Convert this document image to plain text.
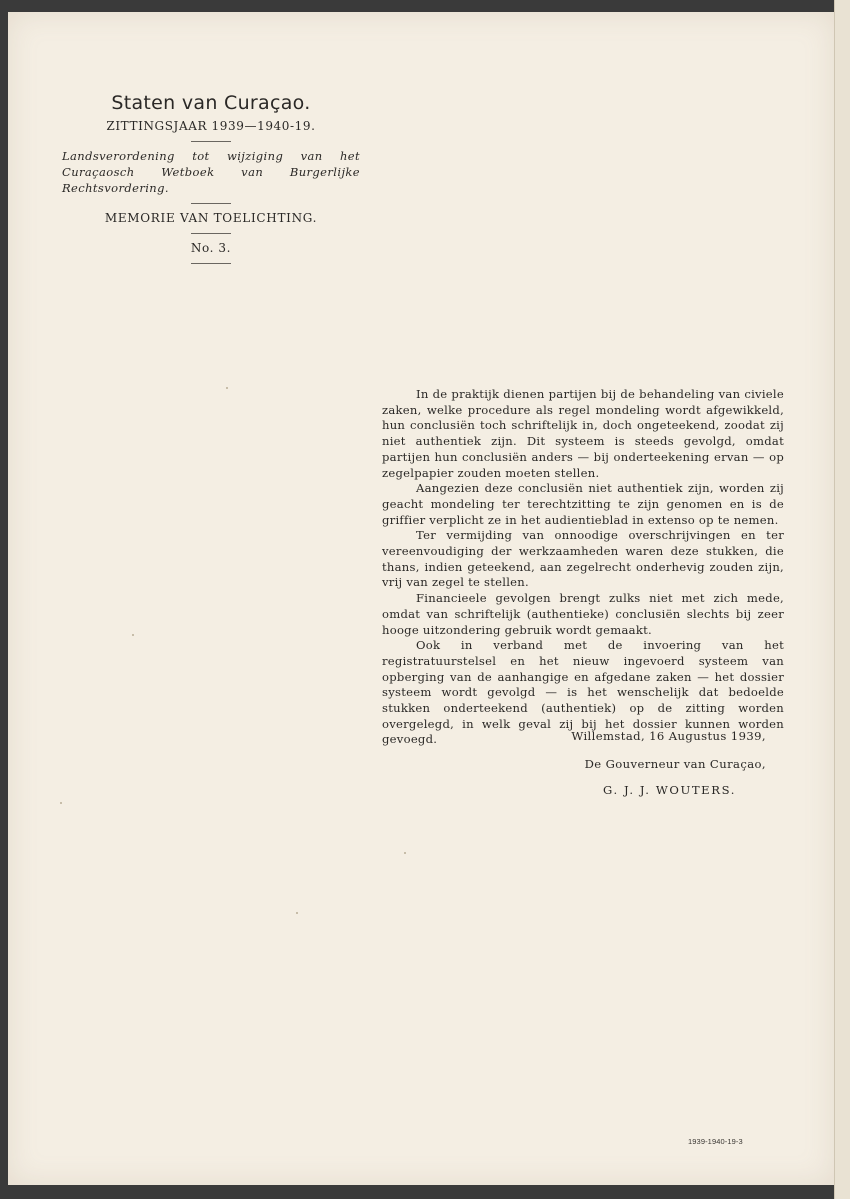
Staten van Curaçao.
ZITTINGSJAAR 1939—1940-19.

Landsverordening tot wijziging van het Curaçaosch Wetboek van Burgerlijke Rechtsvordering.

MEMORIE VAN TOELICHTING.
No. 3.

In de praktijk dienen partijen bij de behandeling van civiele zaken, welke procedure als regel mondeling wordt afgewikkeld, hun conclusiën toch schriftelijk in, doch ongeteekend, zoodat zij niet authentiek zijn. Dit systeem is steeds gevolgd, omdat partijen hun conclusiën anders — bij onderteekening ervan — op zegelpapier zouden moeten stellen.

Aangezien deze conclusiën niet authentiek zijn, worden zij geacht mondeling ter terechtzitting te zijn genomen en is de griffier verplicht ze in het audientieblad in extenso op te nemen.

Ter vermijding van onnoodige overschrijvingen en ter vereenvoudiging der werkzaamheden waren deze stukken, die thans, indien geteekend, aan zegelrecht onderhevig zouden zijn, vrij van zegel te stellen.

Financieele gevolgen brengt zulks niet met zich mede, omdat van schriftelijk (authentieke) conclusiën slechts bij zeer hooge uitzondering gebruik wordt gemaakt.

Ook in verband met de invoering van het registratuurstelsel en het nieuw ingevoerd systeem van opberging van de aanhangige en afgedane zaken — het dossier systeem wordt gevolgd — is het wenschelijk dat bedoelde stukken onderteekend (authentiek) op de zitting worden overgelegd, in welk geval zij bij het dossier kunnen worden gevoegd.	Willemstad, 16 Augustus 1939,
De Gouverneur van Curaçao,
G. J. J. WOUTERS.
1939-1940-19-3
